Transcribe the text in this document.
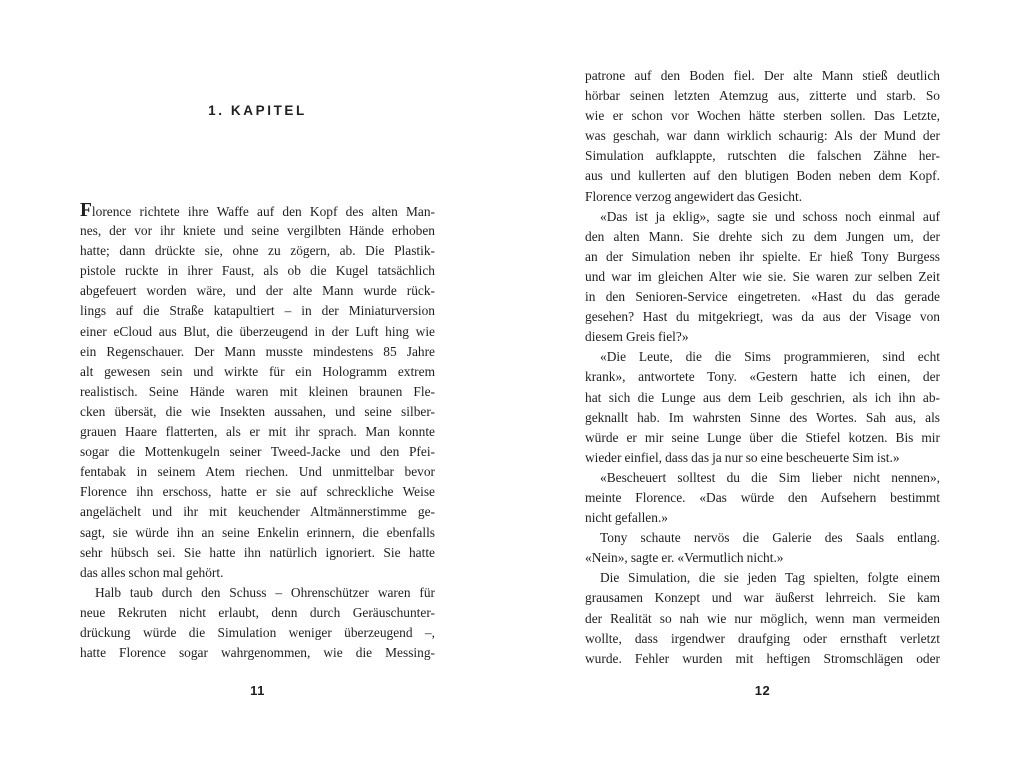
1. KAPITEL
Florence richtete ihre Waffe auf den Kopf des alten Man-
nes, der vor ihr kniete und seine vergilbten Hände erhoben
hatte; dann drückte sie, ohne zu zögern, ab. Die Plastik-
pistole ruckte in ihrer Faust, als ob die Kugel tatsächlich
abgefeuert worden wäre, und der alte Mann wurde rück-
lings auf die Straße katapultiert – in der Miniaturversion
einer eCloud aus Blut, die überzeugend in der Luft hing wie
ein Regenschauer. Der Mann musste mindestens 85 Jahre
alt gewesen sein und wirkte für ein Hologramm extrem
realistisch. Seine Hände waren mit kleinen braunen Fle-
cken übersät, die wie Insekten aussahen, und seine silber-
grauen Haare flatterten, als er mit ihr sprach. Man konnte
sogar die Mottenkugeln seiner Tweed-Jacke und den Pfei-
fentabak in seinem Atem riechen. Und unmittelbar bevor
Florence ihn erschoss, hatte er sie auf schreckliche Weise
angelächelt und ihr mit keuchender Altmännerstimme ge-
sagt, sie würde ihn an seine Enkelin erinnern, die ebenfalls
sehr hübsch sei. Sie hatte ihn natürlich ignoriert. Sie hatte
das alles schon mal gehört.
Halb taub durch den Schuss – Ohrenschützer waren für
neue Rekruten nicht erlaubt, denn durch Geräuschunter-
drückung würde die Simulation weniger überzeugend –,
hatte Florence sogar wahrgenommen, wie die Messing-
11
patrone auf den Boden fiel. Der alte Mann stieß deutlich
hörbar seinen letzten Atemzug aus, zitterte und starb. So
wie er schon vor Wochen hätte sterben sollen. Das Letzte,
was geschah, war dann wirklich schaurig: Als der Mund der
Simulation aufklappte, rutschten die falschen Zähne her-
aus und kullerten auf den blutigen Boden neben dem Kopf.
Florence verzog angewidert das Gesicht.
«Das ist ja eklig», sagte sie und schoss noch einmal auf
den alten Mann. Sie drehte sich zu dem Jungen um, der
an der Simulation neben ihr spielte. Er hieß Tony Burgess
und war im gleichen Alter wie sie. Sie waren zur selben Zeit
in den Senioren-Service eingetreten. «Hast du das gerade
gesehen? Hast du mitgekriegt, was da aus der Visage von
diesem Greis fiel?»
«Die Leute, die die Sims programmieren, sind echt
krank», antwortete Tony. «Gestern hatte ich einen, der
hat sich die Lunge aus dem Leib geschrien, als ich ihn ab-
geknallt hab. Im wahrsten Sinne des Wortes. Sah aus, als
würde er mir seine Lunge über die Stiefel kotzen. Bis mir
wieder einfiel, dass das ja nur so eine bescheuerte Sim ist.»
«Bescheuert solltest du die Sim lieber nicht nennen»,
meinte Florence. «Das würde den Aufsehern bestimmt
nicht gefallen.»
Tony schaute nervös die Galerie des Saals entlang.
«Nein», sagte er. «Vermutlich nicht.»
Die Simulation, die sie jeden Tag spielten, folgte einem
grausamen Konzept und war äußerst lehrreich. Sie kam
der Realität so nah wie nur möglich, wenn man vermeiden
wollte, dass irgendwer draufging oder ernsthaft verletzt
wurde. Fehler wurden mit heftigen Stromschlägen oder
12
